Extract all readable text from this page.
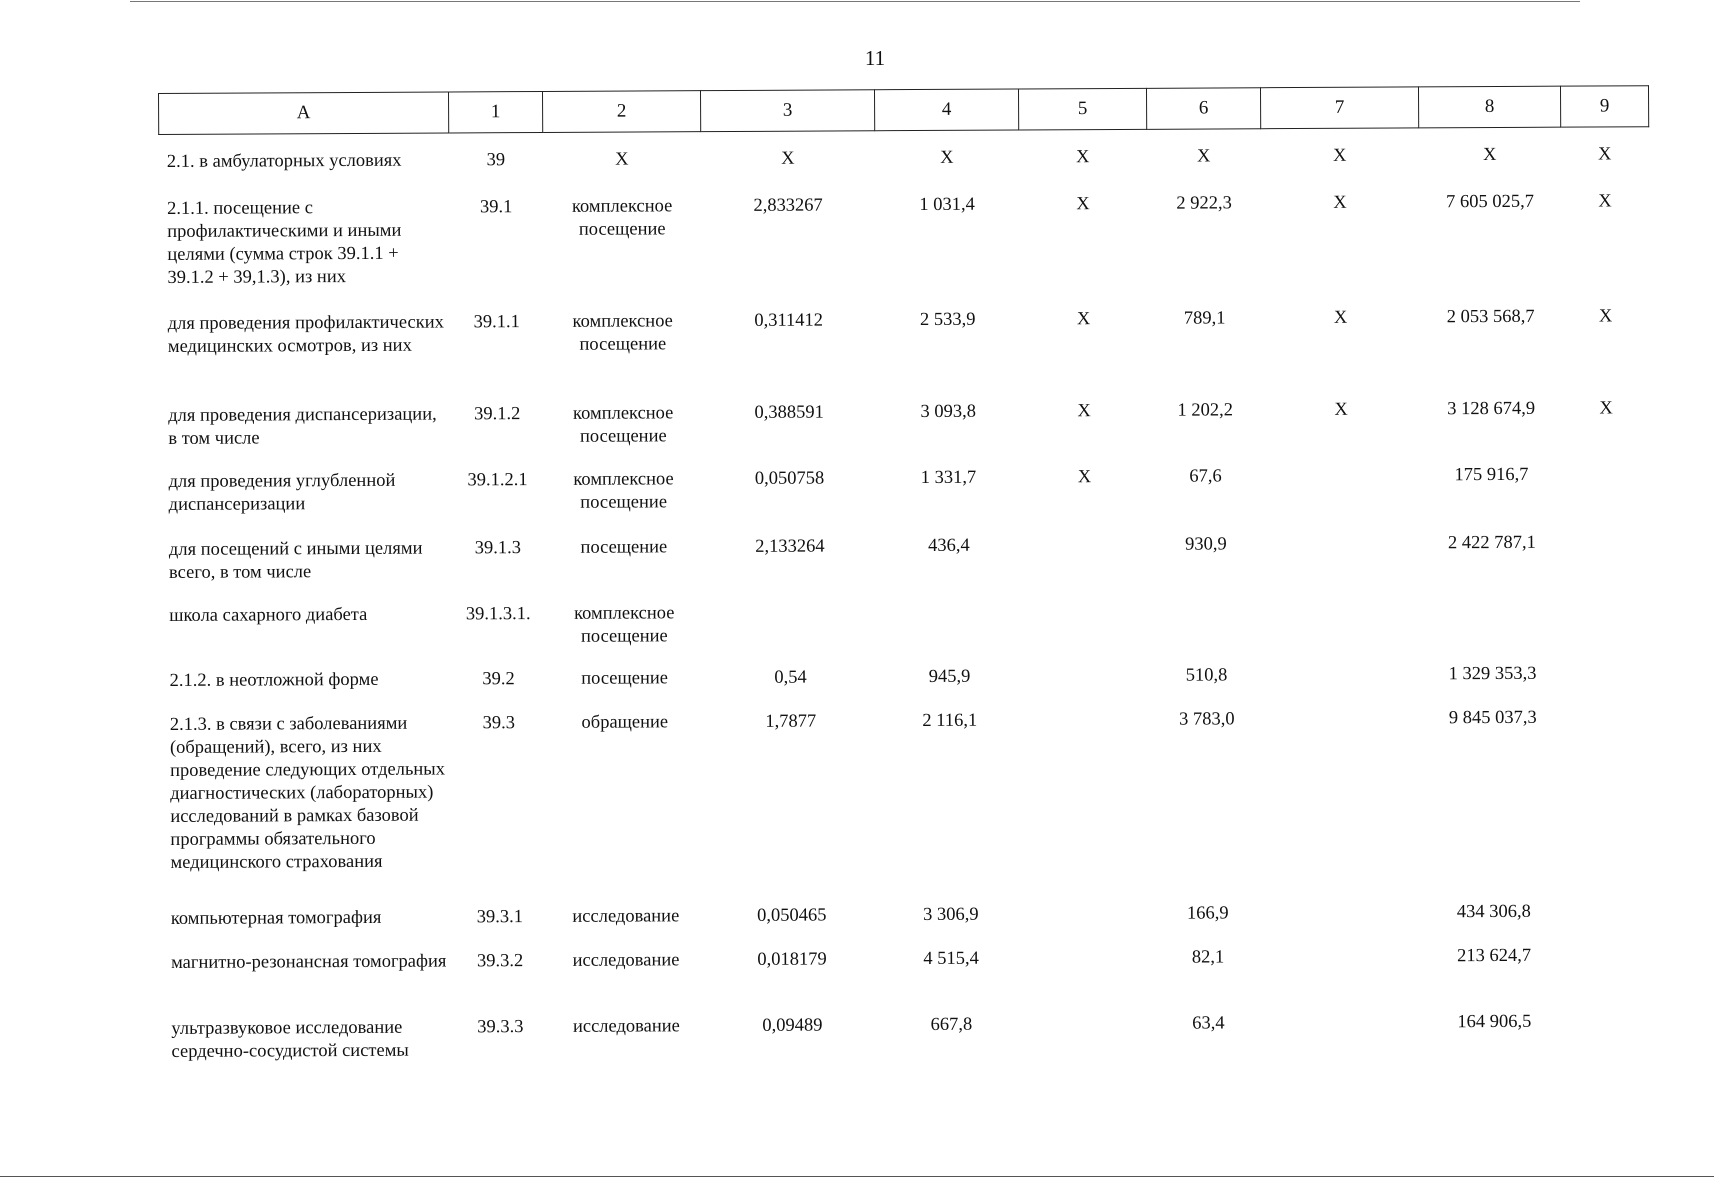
11
А	1	2	3	4	5	6	7	8	9

2.1. в амбулаторных условиях	39	Х	Х	Х	Х	Х	Х	Х	Х
2.1.1. посещение с профилактическими и иными целями (сумма строк 39.1.1 + 39.1.2 + 39,1.3), из них	39.1	комплексное посещение	2,833267	1 031,4	Х	2 922,3	Х	7 605 025,7	Х
для проведения профилактических медицинских осмотров, из них	39.1.1	комплексное посещение	0,311412	2 533,9	Х	789,1	Х	2 053 568,7	Х
для проведения диспансеризации, в том числе	39.1.2	комплексное посещение	0,388591	3 093,8	Х	1 202,2	Х	3 128 674,9	Х
для проведения углубленной диспансеризации	39.1.2.1	комплексное посещение	0,050758	1 331,7	Х	67,6		175 916,7	
для посещений с иными целями всего, в том числе	39.1.3	посещение	2,133264	436,4		930,9		2 422 787,1	
школа сахарного диабета	39.1.3.1.	комплексное посещение							
2.1.2. в неотложной форме	39.2	посещение	0,54	945,9		510,8		1 329 353,3	
2.1.3. в связи с заболеваниями (обращений), всего, из них проведение следующих отдельных диагностических (лабораторных) исследований в рамках базовой программы обязательного медицинского страхования	39.3	обращение	1,7877	2 116,1		3 783,0		9 845 037,3	
компьютерная томография	39.3.1	исследование	0,050465	3 306,9		166,9		434 306,8	
магнитно-резонансная томография	39.3.2	исследование	0,018179	4 515,4		82,1		213 624,7	
ультразвуковое исследование сердечно-сосудистой системы	39.3.3	исследование	0,09489	667,8		63,4		164 906,5	
